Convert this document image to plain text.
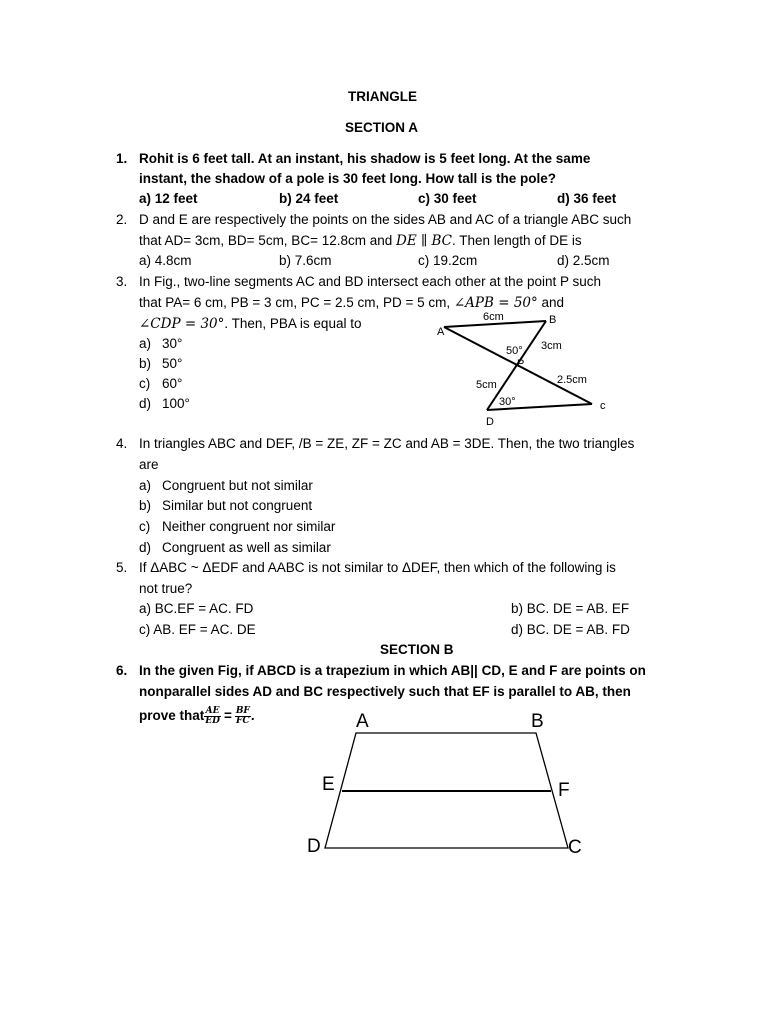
TRIANGLE
SECTION A
1. Rohit is 6 feet tall. At an instant, his shadow is 5 feet long. At the same
instant, the shadow of a pole is 30 feet long. How tall is the pole?
a) 12 feet	b) 24 feet	c) 30 feet	d) 36 feet
2. D and E are respectively the points on the sides AB and AC of a triangle ABC such
that AD= 3cm, BD= 5cm, BC= 12.8cm and DE ∥ BC. Then length of DE is
a) 4.8cm	b) 7.6cm	c) 19.2cm	d) 2.5cm
3. In Fig., two-line segments AC and BD intersect each other at the point P such
that PA= 6 cm, PB = 3 cm, PC = 2.5 cm, PD = 5 cm, ∠APB = 50° and
∠CDP = 30°. Then, PBA is equal to
a) 30°
b) 50°
c) 60°
d) 100°
A
B
c
D
P
6cm
3cm
2.5cm
5cm
50°
30°
4. In triangles ABC and DEF, /B = ZE, ZF = ZC and AB = 3DE. Then, the two triangles
are
a) Congruent but not similar
b) Similar but not congruent
c) Neither congruent nor similar
d) Congruent as well as similar
5. If ΔABC ~ ΔEDF and AABC is not similar to ΔDEF, then which of the following is
not true?
a) BC.EF = AC. FD	b) BC. DE = AB. EF
c) AB. EF = AC. DE	d) BC. DE = AB. FD
SECTION B
6. In the given Fig, if ABCD is a trapezium in which AB|| CD, E and F are points on
nonparallel sides AD and BC respectively such that EF is parallel to AB, then
prove that $\frac{AE}{ED} = \frac{BF}{FC}$ .	A	B
E	F
D	C
